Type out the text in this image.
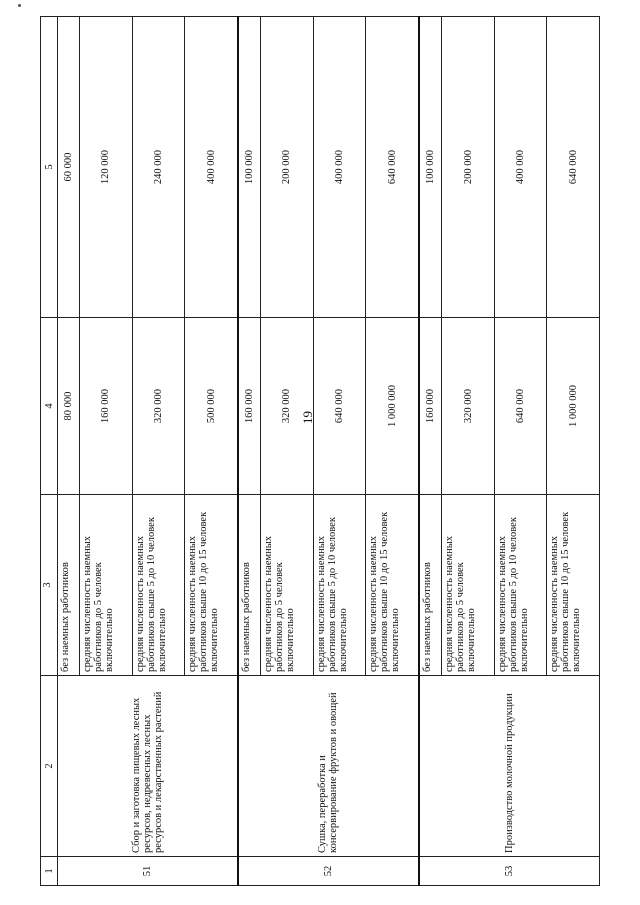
19
1	2	3	4	5
51	Сбор и заготовка пищевых лесных ресурсов, недревесных лесных ресурсов и лекарственных растений	без наемных работников	80 000	60 000
		средняя численность наемных работников до 5 человек включительно	160 000	120 000
		средняя численность наемных работников свыше 5 до 10 человек включительно	320 000	240 000
		средняя численность наемных работников свыше 10 до 15 человек включительно	500 000	400 000
52	Сушка, переработка и консервирование фруктов и овощей	без наемных работников	160 000	100 000
		средняя численность наемных работников до 5 человек включительно	320 000	200 000
		средняя численность наемных работников свыше 5 до 10 человек включительно	640 000	400 000
		средняя численность наемных работников свыше 10 до 15 человек включительно	1 000 000	640 000
53	Производство молочной продукции	без наемных работников	160 000	100 000
		средняя численность наемных работников до 5 человек включительно	320 000	200 000
		средняя численность наемных работников свыше 5 до 10 человек включительно	640 000	400 000
		средняя численность наемных работников свыше 10 до 15 человек включительно	1 000 000	640 000
